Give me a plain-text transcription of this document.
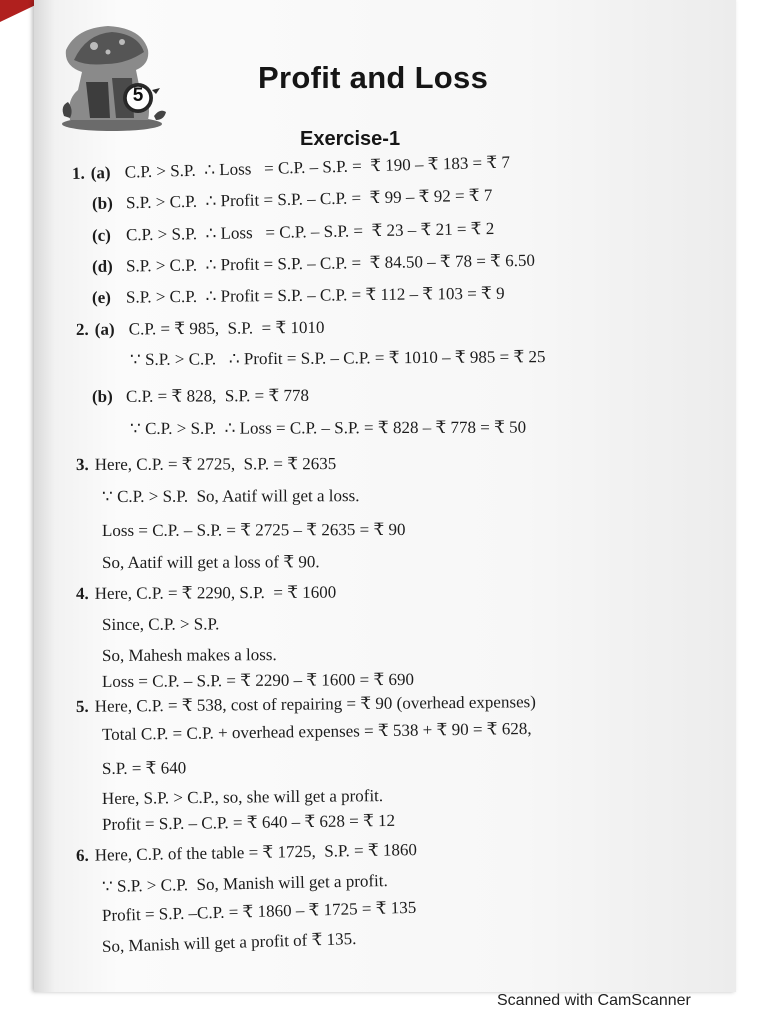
5
Profit and Loss
Exercise-1
1. (a) C.P. > S.P.  ∴ Loss   = C.P. – S.P. =  ₹ 190 – ₹ 183 = ₹ 7
(b) S.P. > C.P.  ∴ Profit = S.P. – C.P. =  ₹ 99 – ₹ 92 = ₹ 7
(c) C.P. > S.P.  ∴ Loss   = C.P. – S.P. =  ₹ 23 – ₹ 21 = ₹ 2
(d) S.P. > C.P.  ∴ Profit = S.P. – C.P. =  ₹ 84.50 – ₹ 78 = ₹ 6.50
(e) S.P. > C.P.  ∴ Profit = S.P. – C.P. = ₹ 112 – ₹ 103 = ₹ 9
2. (a) C.P. = ₹ 985,  S.P.  = ₹ 1010
∵ S.P. > C.P.   ∴ Profit = S.P. – C.P. = ₹ 1010 – ₹ 985 = ₹ 25
(b) C.P. = ₹ 828,  S.P. = ₹ 778
∵ C.P. > S.P.  ∴ Loss = C.P. – S.P. = ₹ 828 – ₹ 778 = ₹ 50
3. Here, C.P. = ₹ 2725,  S.P. = ₹ 2635
∵ C.P. > S.P.  So, Aatif will get a loss.
Loss = C.P. – S.P. = ₹ 2725 – ₹ 2635 = ₹ 90
So, Aatif will get a loss of ₹ 90.
4. Here, C.P. = ₹ 2290, S.P.  = ₹ 1600
Since, C.P. > S.P.
So, Mahesh makes a loss.
Loss = C.P. – S.P. = ₹ 2290 – ₹ 1600 = ₹ 690
5. Here, C.P. = ₹ 538, cost of repairing = ₹ 90 (overhead expenses)
Total C.P. = C.P. + overhead expenses = ₹ 538 + ₹ 90 = ₹ 628,
S.P. = ₹ 640
Here, S.P. > C.P., so, she will get a profit.
Profit = S.P. – C.P. = ₹ 640 – ₹ 628 = ₹ 12
6. Here, C.P. of the table = ₹ 1725,  S.P. = ₹ 1860
∵ S.P. > C.P.  So, Manish will get a profit.
Profit = S.P. –C.P. = ₹ 1860 – ₹ 1725 = ₹ 135
So, Manish will get a profit of ₹ 135.
Scanned with CamScanner
